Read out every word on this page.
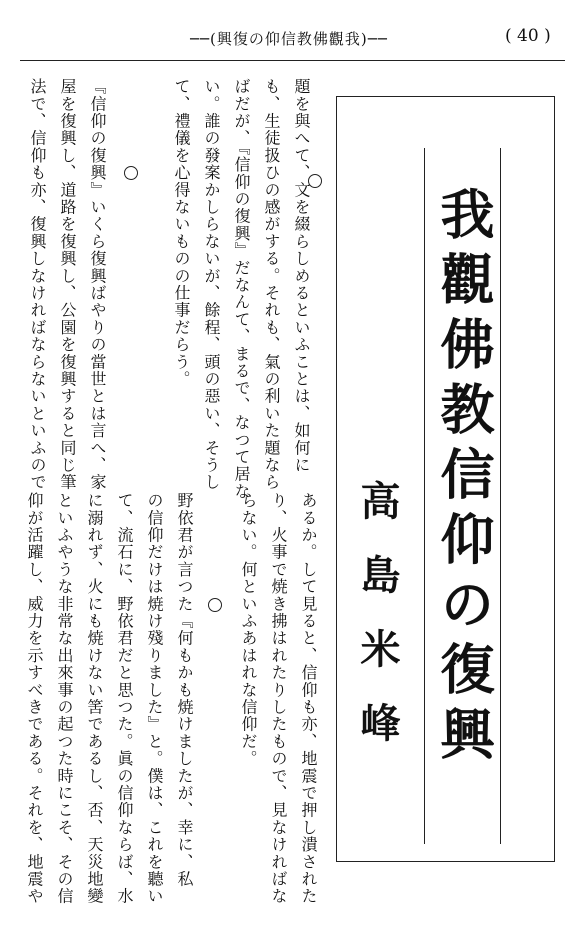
──(興復の仰信教佛觀我)──	( 40 )
我觀佛教信仰の復興
高島米峰
題を與へて、文を綴らしめるといふことは、如何に
も、生徒扱ひの感がする。それも、氣の利いた題なら
ばだが、『信仰の復興』だなんて、まるで、なつて居な
い。誰の發案かしらないが、餘程、頭の惡い、そうし
て、禮儀を心得ないものの仕事だらう。
『信仰の復興』いくら復興ばやりの當世とは言へ、家
屋を復興し、道路を復興し、公園を復興すると同じ筆
法で、信仰も亦、復興しなければならないといふので
あるか。して見ると、信仰も亦、地震で押し潰された
り、火事で焼き拂はれたりしたもので、見なければな
らない。何といふあはれな信仰だ。
野依君が言つた『何もかも焼けましたが、幸に、私
の信仰だけは焼け殘りました』と。僕は、これを聽い
て、流石に、野依君だと思つた。眞の信仰ならば、水
に溺れず、火にも焼けない筈であるし、否、天災地變
といふやうな非常な出來事の起つた時にこそ、その信
仰が活躍し、威力を示すべきである。それを、地震や
